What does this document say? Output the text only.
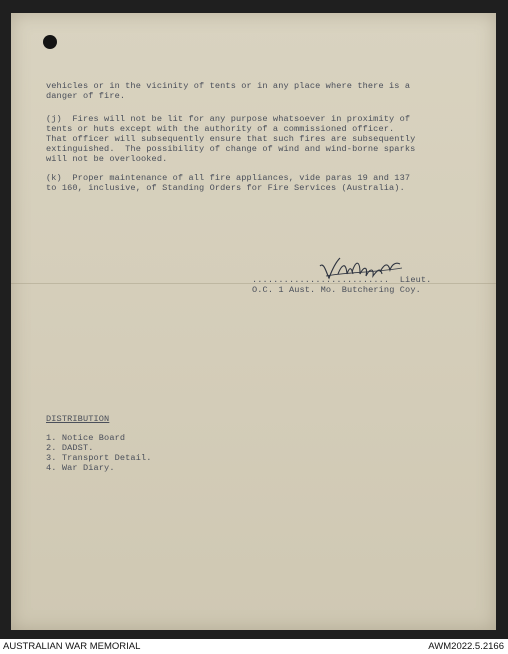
vehicles or in the vicinity of tents or in any place where there is a
danger of fire.
(j)  Fires will not be lit for any purpose whatsoever in proximity of
tents or huts except with the authority of a commissioned officer.
That officer will subsequently ensure that such fires are subsequently
extinguished.  The possibility of change of wind and wind-borne sparks
will not be overlooked.
(k)  Proper maintenance of all fire appliances, vide paras 19 and 137
to 160, inclusive, of Standing Orders for Fire Services (Australia).
..........................  Lieut.
O.C. 1 Aust. Mo. Butchering Coy.
DISTRIBUTION
1. Notice Board
2. DADST.
3. Transport Detail.
4. War Diary.
AUSTRALIAN WAR MEMORIAL	AWM2022.5.2166
